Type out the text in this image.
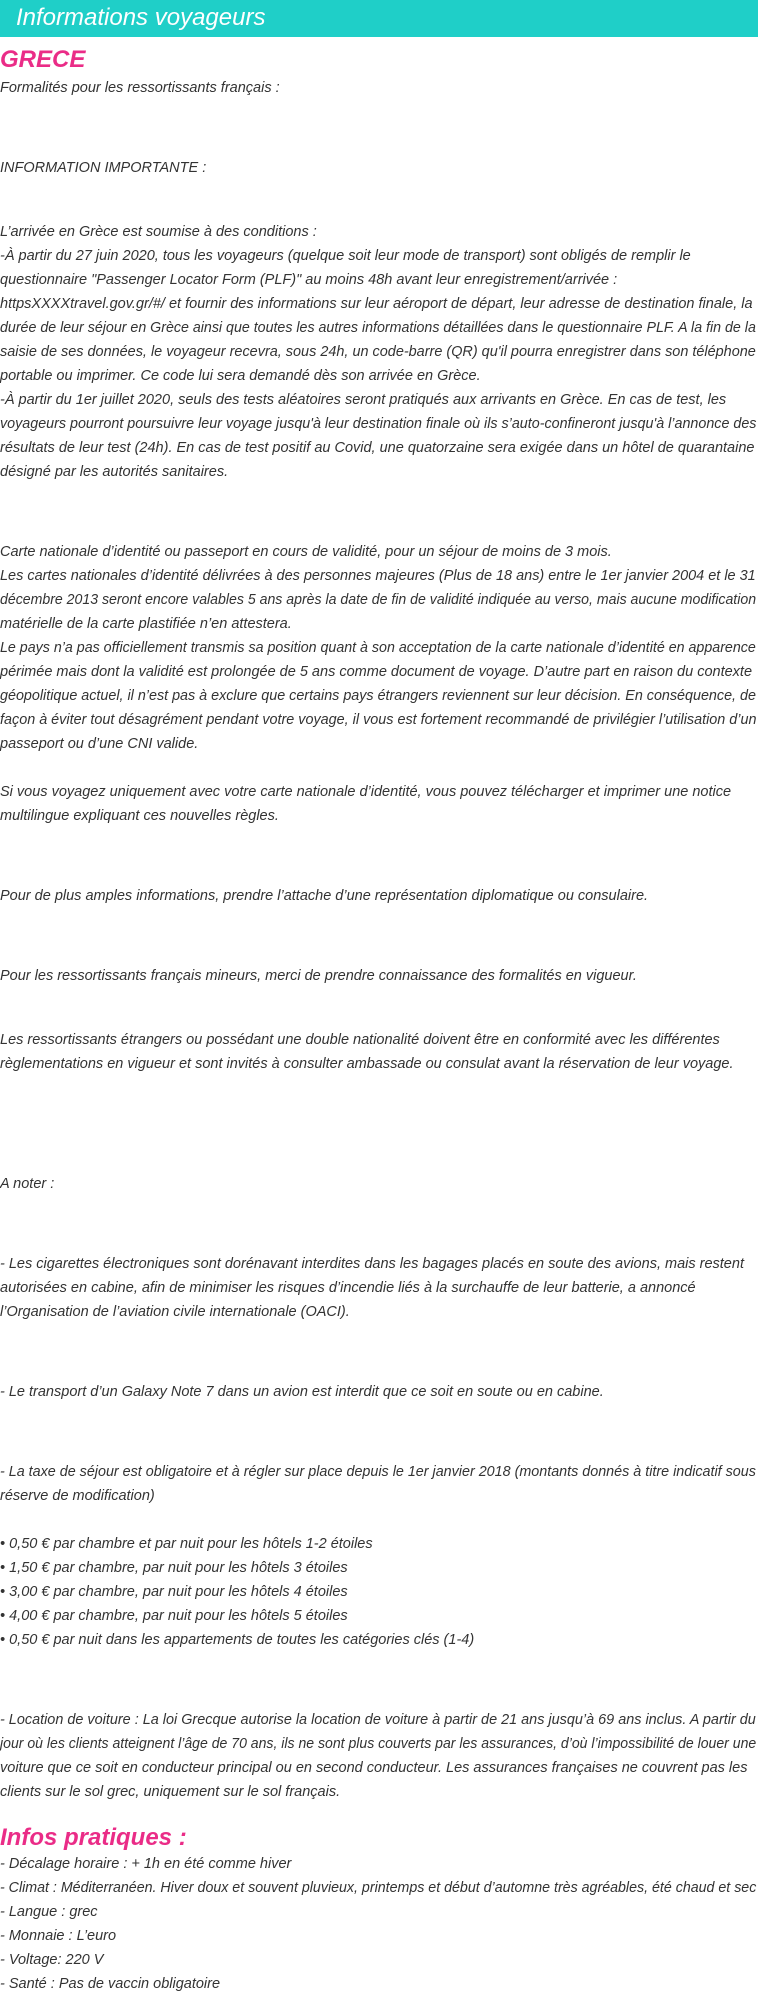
Informations voyageurs
GRECE
Formalités pour les ressortissants français :
INFORMATION IMPORTANTE :
L’arrivée en Grèce est soumise à des conditions :
-À partir du 27 juin 2020, tous les voyageurs (quelque soit leur mode de transport) sont obligés de remplir le
questionnaire "Passenger Locator Form (PLF)" au moins 48h avant leur enregistrement/arrivée :
httpsXXXXtravel.gov.gr/#/ et fournir des informations sur leur aéroport de départ, leur adresse de destination finale, la
durée de leur séjour en Grèce ainsi que toutes les autres informations détaillées dans le questionnaire PLF. A la fin de la
saisie de ses données, le voyageur recevra, sous 24h, un code-barre (QR) qu'il pourra enregistrer dans son téléphone
portable ou imprimer. Ce code lui sera demandé dès son arrivée en Grèce.
-À partir du 1er juillet 2020, seuls des tests aléatoires seront pratiqués aux arrivants en Grèce. En cas de test, les
voyageurs pourront poursuivre leur voyage jusqu'à leur destination finale où ils s’auto-confineront jusqu'à l’annonce des
résultats de leur test (24h). En cas de test positif au Covid, une quatorzaine sera exigée dans un hôtel de quarantaine
désigné par les autorités sanitaires.
Carte nationale d’identité ou passeport en cours de validité, pour un séjour de moins de 3 mois.
Les cartes nationales d’identité délivrées à des personnes majeures (Plus de 18 ans) entre le 1er janvier 2004 et le 31
décembre 2013 seront encore valables 5 ans après la date de fin de validité indiquée au verso, mais aucune modification
matérielle de la carte plastifiée n’en attestera.
Le pays n’a pas officiellement transmis sa position quant à son acceptation de la carte nationale d’identité en apparence
périmée mais dont la validité est prolongée de 5 ans comme document de voyage. D’autre part en raison du contexte
géopolitique actuel, il n’est pas à exclure que certains pays étrangers reviennent sur leur décision. En conséquence, de
façon à éviter tout désagrément pendant votre voyage, il vous est fortement recommandé de privilégier l’utilisation d’un
passeport ou d’une CNI valide.
Si vous voyagez uniquement avec votre carte nationale d’identité, vous pouvez télécharger et imprimer une notice
multilingue expliquant ces nouvelles règles.
Pour de plus amples informations, prendre l’attache d’une représentation diplomatique ou consulaire.
Pour les ressortissants français mineurs, merci de prendre connaissance des formalités en vigueur.
Les ressortissants étrangers ou possédant une double nationalité doivent être en conformité avec les différentes
règlementations en vigueur et sont invités à consulter ambassade ou consulat avant la réservation de leur voyage.
A noter :
- Les cigarettes électroniques sont dorénavant interdites dans les bagages placés en soute des avions, mais restent
autorisées en cabine, afin de minimiser les risques d’incendie liés à la surchauffe de leur batterie, a annoncé
l’Organisation de l’aviation civile internationale (OACI).
- Le transport d’un Galaxy Note 7 dans un avion est interdit que ce soit en soute ou en cabine.
- La taxe de séjour est obligatoire et à régler sur place depuis le 1er janvier 2018 (montants donnés à titre indicatif sous
réserve de modification)
• 0,50 € par chambre et par nuit pour les hôtels 1-2 étoiles
• 1,50 € par chambre, par nuit pour les hôtels 3 étoiles
• 3,00 € par chambre, par nuit pour les hôtels 4 étoiles
• 4,00 € par chambre, par nuit pour les hôtels 5 étoiles
• 0,50 € par nuit dans les appartements de toutes les catégories clés (1-4)
- Location de voiture : La loi Grecque autorise la location de voiture à partir de 21 ans jusqu’à 69 ans inclus. A partir du
jour où les clients atteignent l’âge de 70 ans, ils ne sont plus couverts par les assurances, d’où l’impossibilité de louer une
voiture que ce soit en conducteur principal ou en second conducteur. Les assurances françaises ne couvrent pas les
clients sur le sol grec, uniquement sur le sol français.
- Décalage horaire : + 1h en été comme hiver
- Climat : Méditerranéen. Hiver doux et souvent pluvieux, printemps et début d’automne très agréables, été chaud et sec
- Langue : grec
- Monnaie : L’euro
- Voltage: 220 V
- Santé : Pas de vaccin obligatoire
Infos pratiques :
